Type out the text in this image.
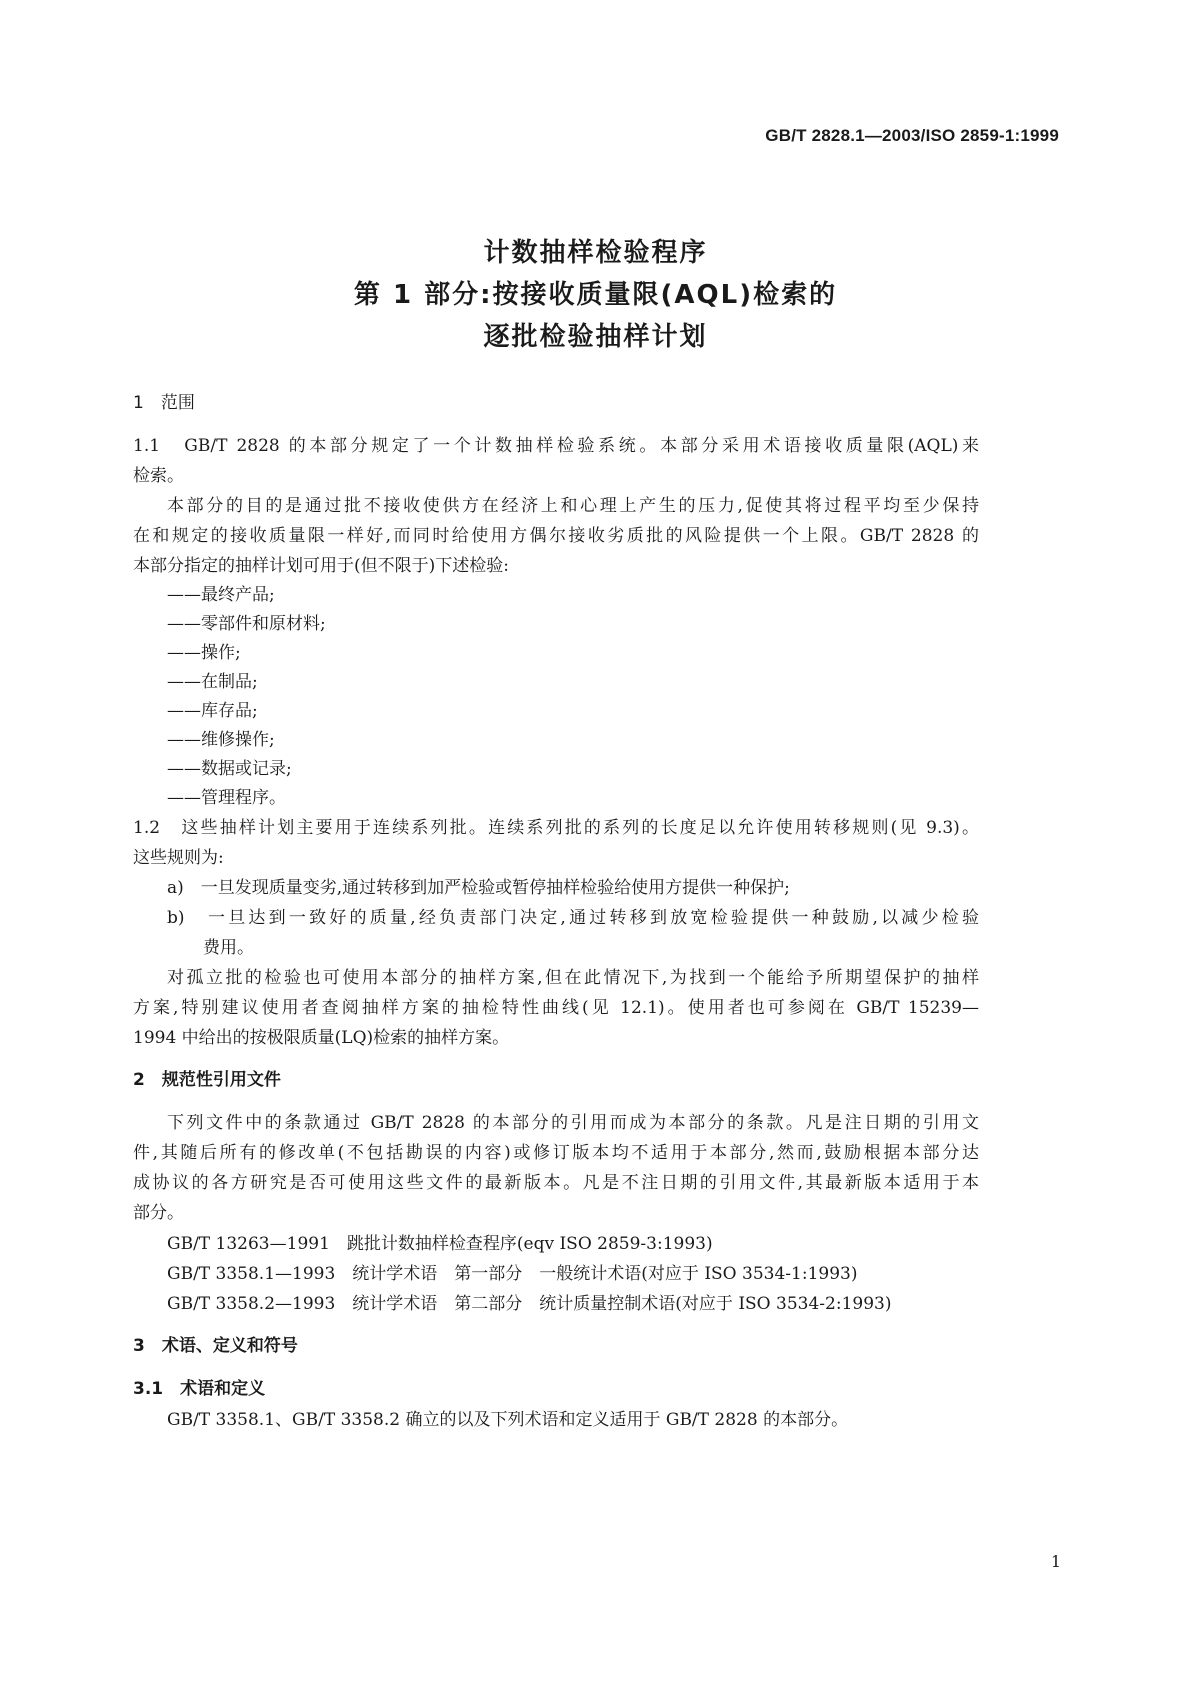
GB/T 2828.1—2003/ISO 2859-1:1999
计数抽样检验程序
第 1 部分:按接收质量限(AQL)检索的
逐批检验抽样计划
1　范围
1.1　GB/T 2828 的本部分规定了一个计数抽样检验系统。本部分采用术语接收质量限(AQL)来
检索。
本部分的目的是通过批不接收使供方在经济上和心理上产生的压力,促使其将过程平均至少保持
在和规定的接收质量限一样好,而同时给使用方偶尔接收劣质批的风险提供一个上限。GB/T 2828 的
本部分指定的抽样计划可用于(但不限于)下述检验:
——最终产品;
——零部件和原材料;
——操作;
——在制品;
——库存品;
——维修操作;
——数据或记录;
——管理程序。
1.2　这些抽样计划主要用于连续系列批。连续系列批的系列的长度足以允许使用转移规则(见 9.3)。
这些规则为:
a)　一旦发现质量变劣,通过转移到加严检验或暂停抽样检验给使用方提供一种保护;
b)　一旦达到一致好的质量,经负责部门决定,通过转移到放宽检验提供一种鼓励,以减少检验
费用。
对孤立批的检验也可使用本部分的抽样方案,但在此情况下,为找到一个能给予所期望保护的抽样
方案,特别建议使用者查阅抽样方案的抽检特性曲线(见 12.1)。使用者也可参阅在 GB/T 15239—
1994 中给出的按极限质量(LQ)检索的抽样方案。
2　规范性引用文件
下列文件中的条款通过 GB/T 2828 的本部分的引用而成为本部分的条款。凡是注日期的引用文
件,其随后所有的修改单(不包括勘误的内容)或修订版本均不适用于本部分,然而,鼓励根据本部分达
成协议的各方研究是否可使用这些文件的最新版本。凡是不注日期的引用文件,其最新版本适用于本
部分。
GB/T 13263—1991　跳批计数抽样检查程序(eqv ISO 2859-3:1993)
GB/T 3358.1—1993　统计学术语　第一部分　一般统计术语(对应于 ISO 3534-1:1993)
GB/T 3358.2—1993　统计学术语　第二部分　统计质量控制术语(对应于 ISO 3534-2:1993)
3　术语、定义和符号
3.1　术语和定义
GB/T 3358.1、GB/T 3358.2 确立的以及下列术语和定义适用于 GB/T 2828 的本部分。
1
